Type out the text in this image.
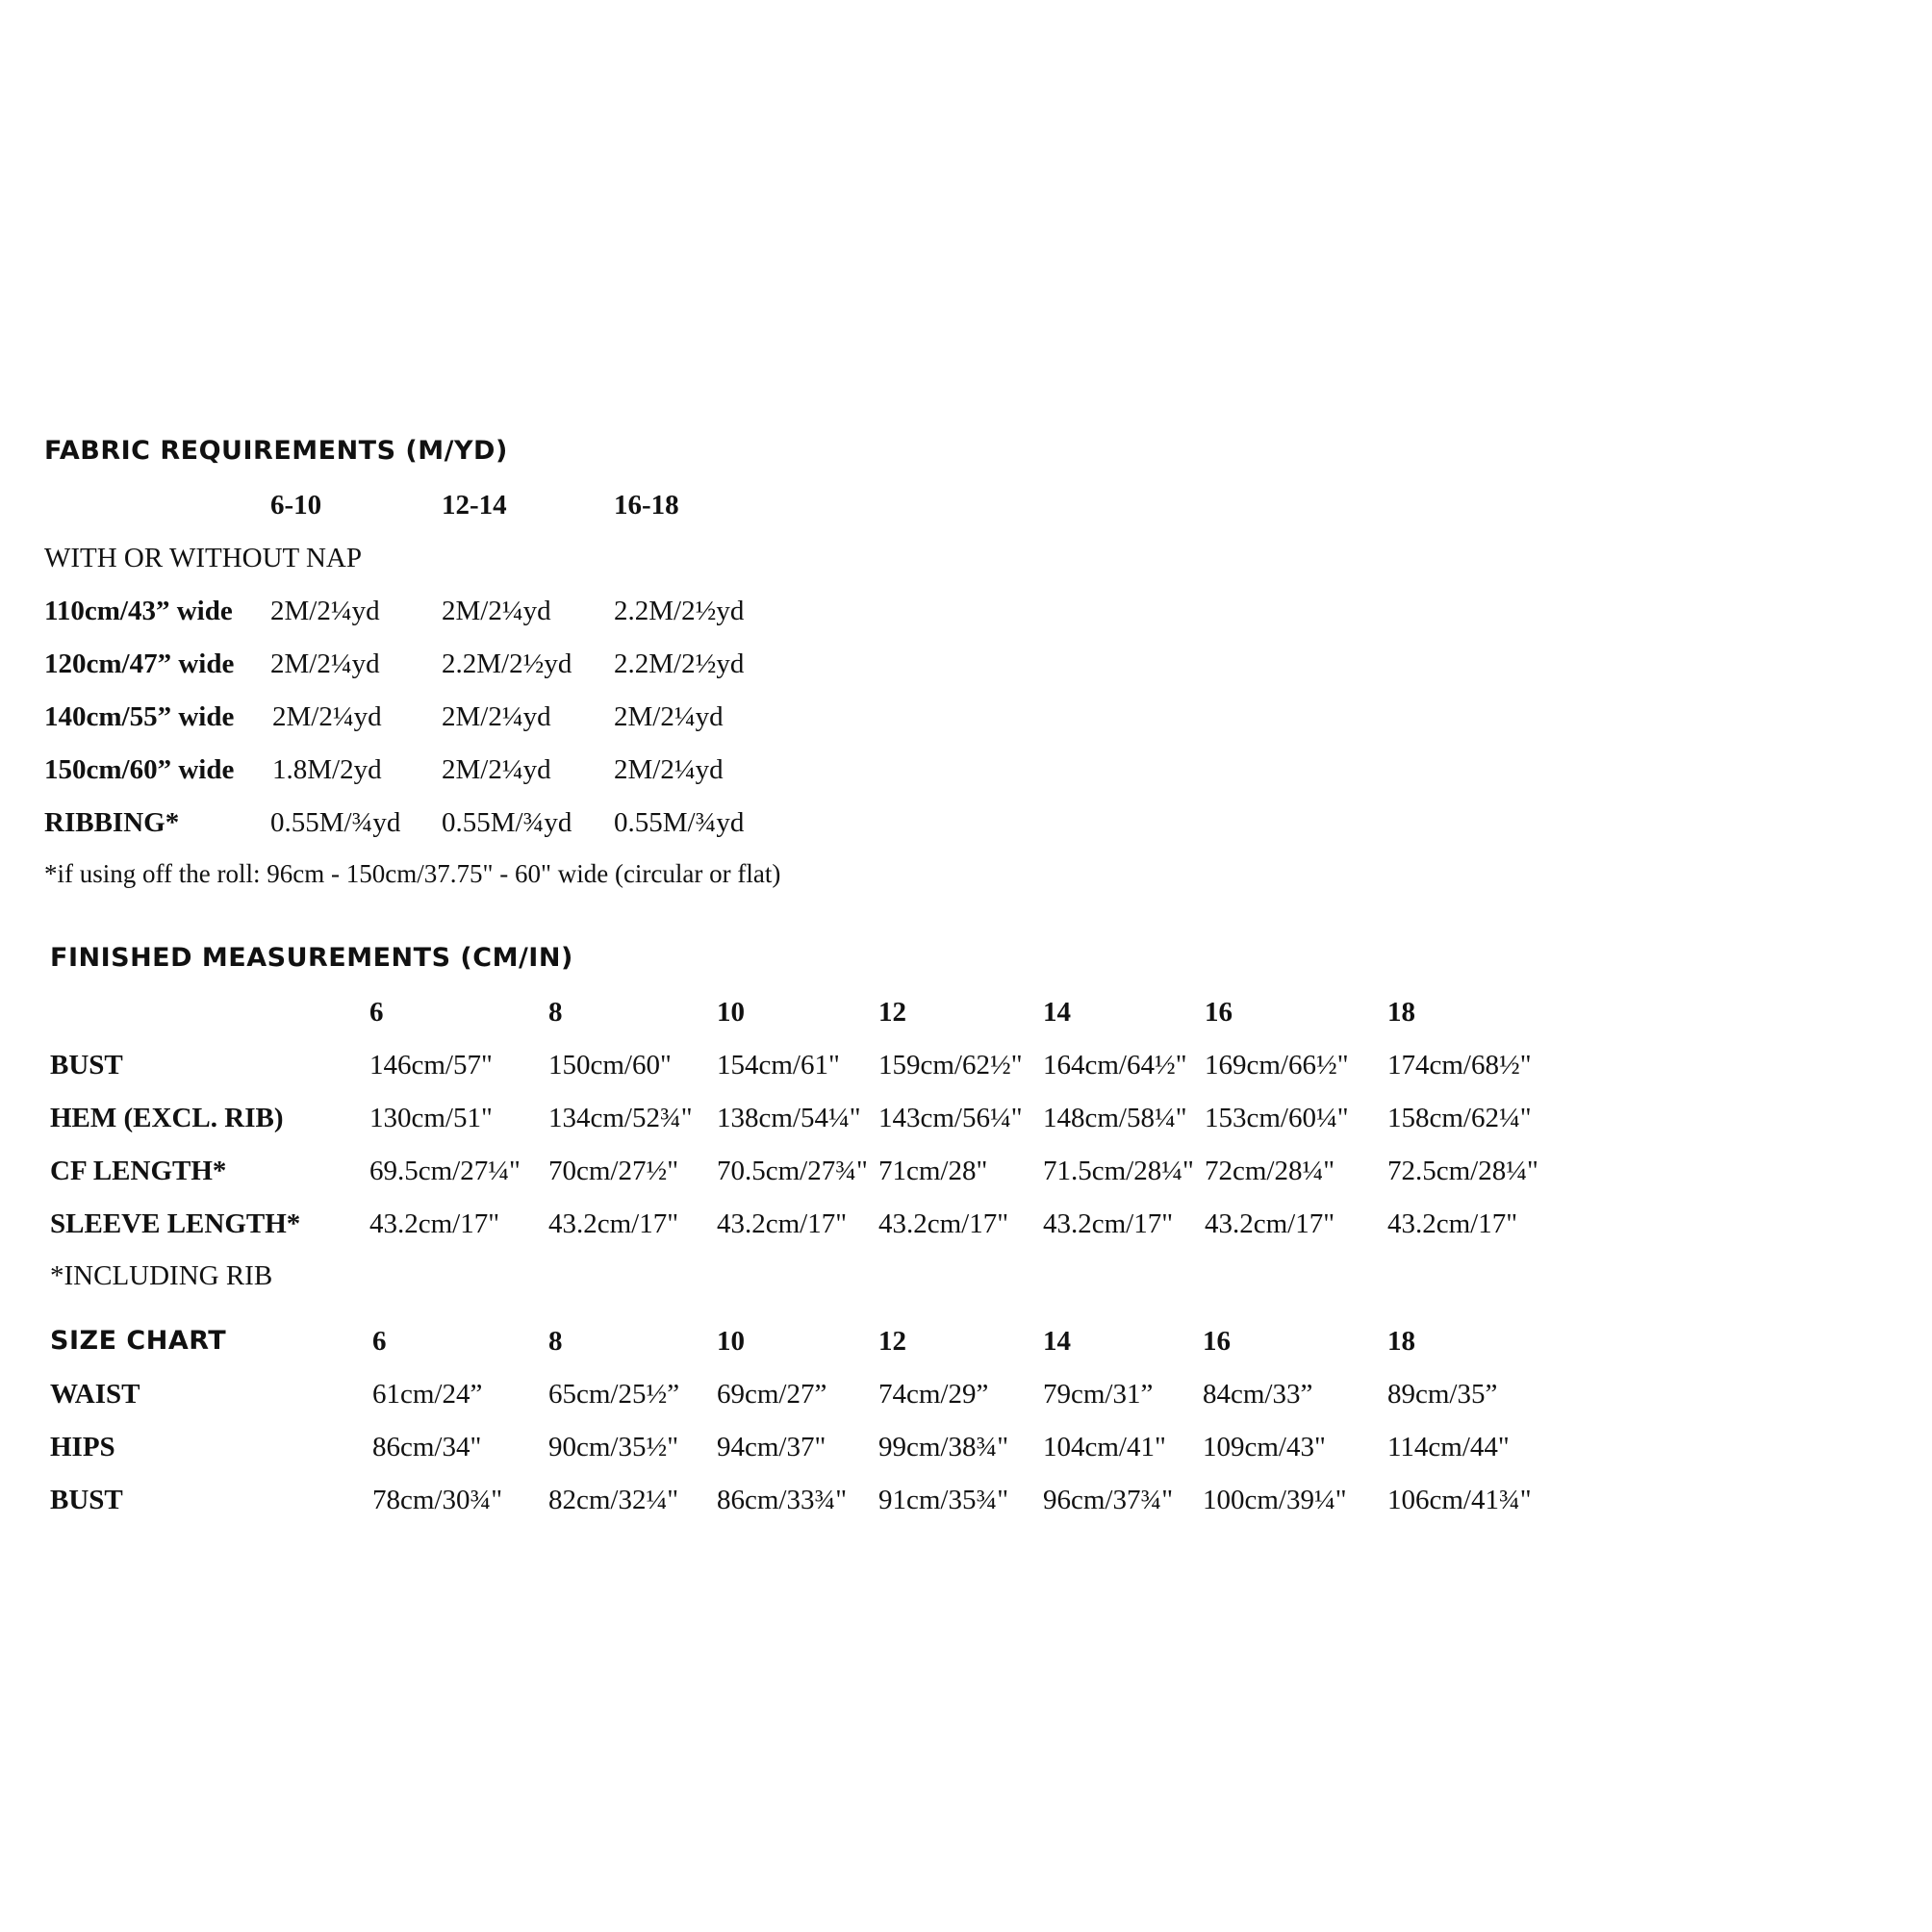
FABRIC REQUIREMENTS (M/YD)
6-10	12-14	16-18
WITH OR WITHOUT NAP
110cm/43” wide 2M/2¼yd 2M/2¼yd 2.2M/2½yd
120cm/47” wide 2M/2¼yd 2.2M/2½yd 2.2M/2½yd
140cm/55” wide 2M/2¼yd 2M/2¼yd 2M/2¼yd
150cm/60” wide 1.8M/2yd 2M/2¼yd 2M/2¼yd
RIBBING*	0.55M/¾yd 0.55M/¾yd 0.55M/¾yd
*if using off the roll: 96cm - 150cm/37.75" - 60" wide (circular or flat)
FINISHED MEASUREMENTS (CM/IN)
6	8	10	12	14	16	18
BUST	146cm/57" 150cm/60" 154cm/61" 159cm/62½" 164cm/64½" 169cm/66½" 174cm/68½"
HEM (EXCL. RIB)	130cm/51" 134cm/52¾" 138cm/54¼" 143cm/56¼" 148cm/58¼" 153cm/60¼" 158cm/62¼"
CF LENGTH*	69.5cm/27¼" 70cm/27½" 70.5cm/27¾" 71cm/28" 71.5cm/28¼" 72cm/28¼" 72.5cm/28¼"
SLEEVE LENGTH* 43.2cm/17" 43.2cm/17" 43.2cm/17" 43.2cm/17" 43.2cm/17" 43.2cm/17" 43.2cm/17"
*INCLUDING RIB
SIZE CHART	6	8	10	12	14	16	18
WAIST	61cm/24” 65cm/25½” 69cm/27” 74cm/29” 79cm/31” 84cm/33”	89cm/35”
HIPS	86cm/34" 90cm/35½" 94cm/37" 99cm/38¾" 104cm/41" 109cm/43" 114cm/44"
BUST	78cm/30¾" 82cm/32¼" 86cm/33¾" 91cm/35¾" 96cm/37¾" 100cm/39¼" 106cm/41¾"
